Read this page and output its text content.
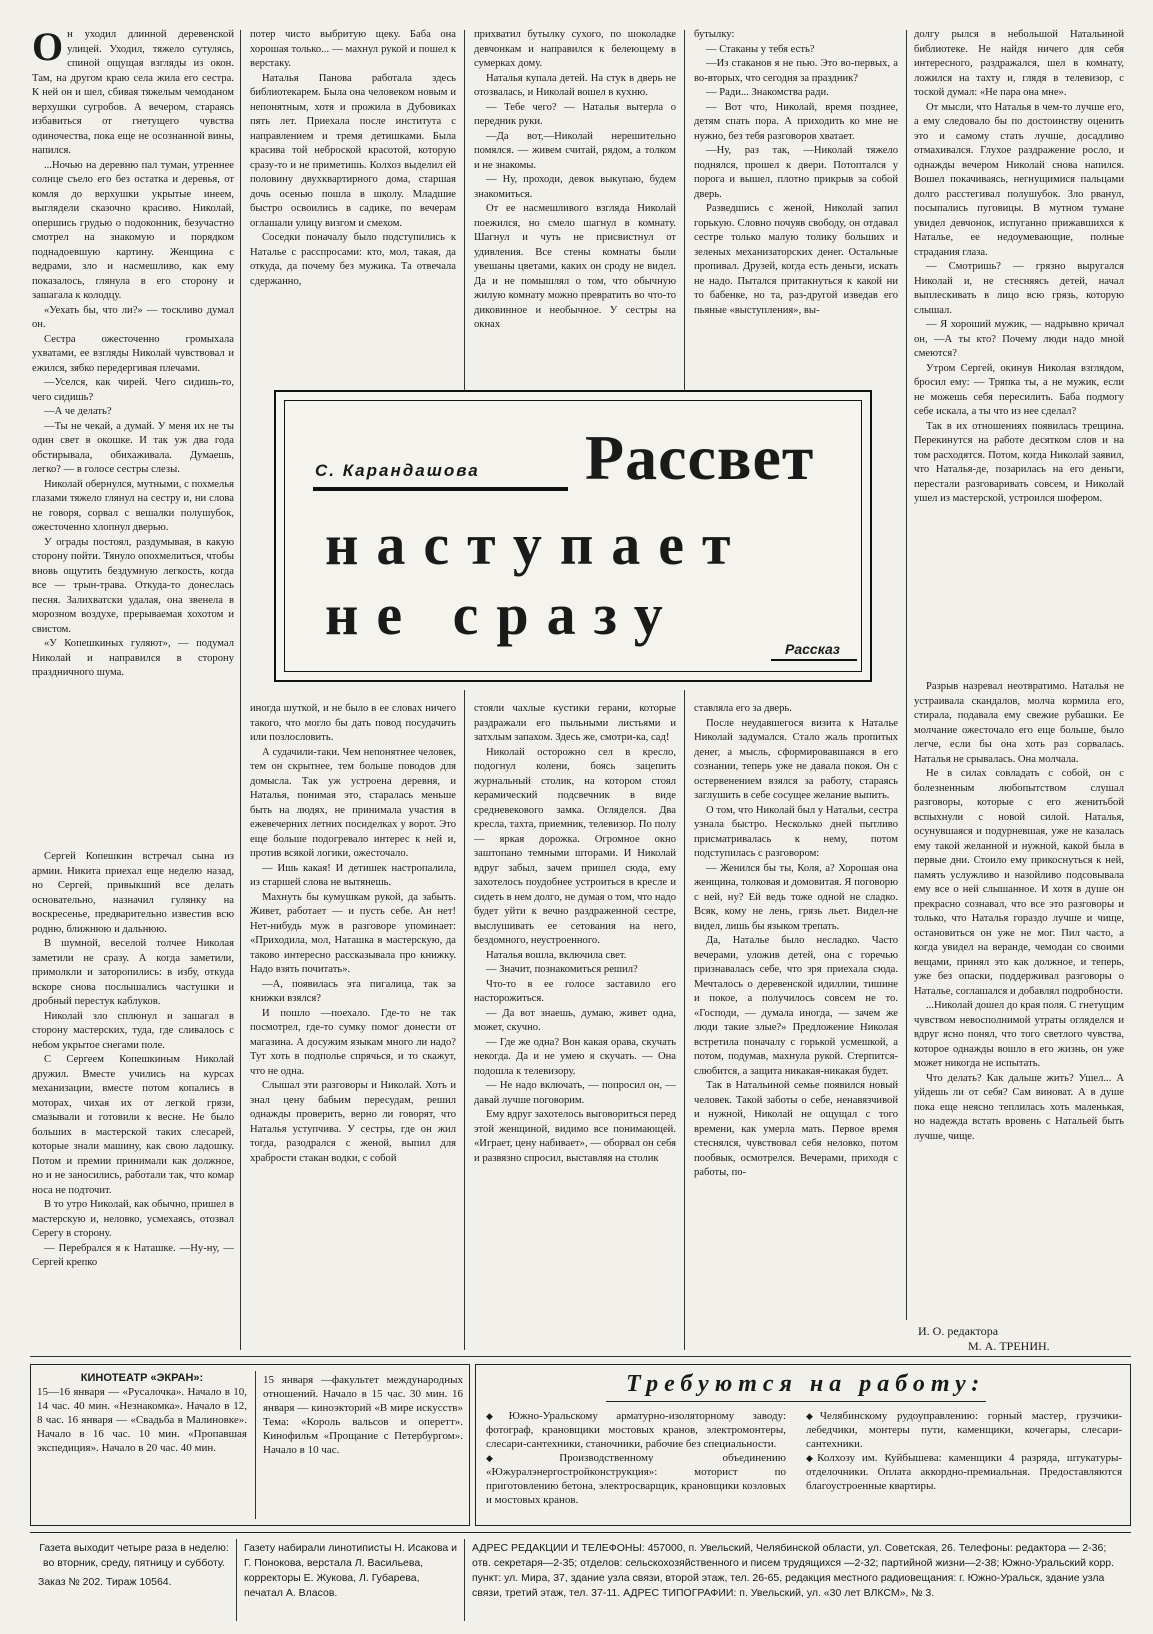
О н уходил длинной деревенской улицей. Уходил, тяжело сутулясь, спиной ощущая взгляды из окон. Там, на другом краю села жила его сестра. К ней он и шел, сбивая тяжелым чемоданом верхушки сугробов. А вечером, стараясь избавиться от гнетущего чувства одиночества, пока еще не осознанной вины, напился.

...Ночью на деревню пал туман, утреннее солнце съело его без остатка и деревья, от комля до верхушки укрытые инеем, выглядели сказочно красиво. Николай, опершись грудью о подоконник, безучастно смотрел на знакомую и порядком поднадоевшую картину. Женщина с ведрами, зло и насмешливо, как ему показалось, глянула в его сторону и зашагала к колодцу.

«Уехать бы, что ли?» — тоскливо думал он.

Сестра ожесточенно громыхала ухватами, ее взгляды Николай чувствовал и ежился, зябко передергивая плечами.

—Уселся, как чирей. Чего сидишь-то, чего сидишь?

—А че делать?

—Ты не чекай, а думай. У меня их не ты один свет в окошке. И так уж два года обстирывала, обихаживала. Думаешь, легко? — в голосе сестры слезы.

Николай обернулся, мутными, с похмелья глазами тяжело глянул на сестру и, ни слова не говоря, сорвал с вешалки полушубок, ожесточенно хлопнул дверью.

У ограды постоял, раздумывая, в какую сторону пойти. Тянуло опохмелиться, чтобы вновь ощутить бездумную легкость, когда все — трын-трава. Откуда-то донеслась песня. Залихватски удалая, она звенела в морозном воздухе, прерываемая хохотом и свистом.

«У Копешкиных гуляют», — подумал Николай и направился в сторону праздничного шума.

Сергей Копешкин встречал сына из армии. Никита приехал еще неделю назад, но Сергей, привыкший все делать основательно, назначил гулянку на воскресенье, предварительно известив всю родню, ближнюю и дальнюю.

В шумной, веселой толчее Николая заметили не сразу. А когда заметили, примолкли и заторопились: в избу, откуда вскоре снова послышались частушки и дробный перестук каблуков.

Николай зло сплюнул и зашагал в сторону мастерских, туда, где сливалось с небом укрытое снегами поле.

С Сергеем Копешкиным Николай дружил. Вместе учились на курсах механизации, вместе потом копались в моторах, чихая их от легкой грязи, смазывали и готовили к весне. Не было больших в мастерской таких слесарей, которые знали машину, как свою ладошку. Потом и премии принимали как должное, но и не заносились, работали так, что комар носа не подточит.

В то утро Николай, как обычно, пришел в мастерскую и, неловко, усмехаясь, отозвал Серегу в сторону.

— Перебрался я к Наташке. —Ну-ну, — Сергей крепко

потер чисто выбритую щеку. Баба она хорошая только... — махнул рукой и пошел к верстаку.

Наталья Панова работала здесь библиотекарем. Была она человеком новым и непонятным, хотя и прожила в Дубовиках пять лет. Приехала после института с направлением и тремя детишками. Была красива той неброской красотой, которую сразу-то и не приметишь. Колхоз выделил ей половину двухквартирного дома, старшая дочь осенью пошла в школу. Младшие быстро освоились в садике, по вечерам оглашали улицу визгом и смехом.

Соседки поначалу было подступились к Наталье с расспросами: кто, мол, такая, да откуда, да почему без мужика. Та отвечала сдержанно,

прихватил бутылку сухого, по шоколадке девчонкам и направился к белеющему в сумерках дому.

Наталья купала детей. На стук в дверь не отозвалась, и Николай вошел в кухню.

— Тебе чего? — Наталья вытерла о передник руки.

—Да вот,—Николай нерешительно помялся. — живем считай, рядом, а толком и не знакомы.

— Ну, проходи, девок выкупаю, будем знакомиться.

От ее насмешливого взгляда Николай поежился, но смело шагнул в комнату. Шагнул и чуть не присвистнул от удивления. Все стены комнаты были увешаны цветами, каких он сроду не видел. Да и не помышлял о том, что обычную жилую комнату можно превратить во что-то диковинное и необычное. У сестры на окнах

бутылку:

— Стаканы у тебя есть?

—Из стаканов я не пью. Это во-первых, а во-вторых, что сегодня за праздник?

— Ради... Знакомства ради.

— Вот что, Николай, время позднее, детям спать пора. А приходить ко мне не нужно, без тебя разговоров хватает.

—Ну, раз так, —Николай тяжело поднялся, прошел к двери. Потоптался у порога и вышел, плотно прикрыв за собой дверь.

Разведшись с женой, Николай запил горькую. Словно почуяв свободу, он отдавал сестре только малую толику больших и зеленых механизаторских денег. Остальные пропивал. Друзей, когда есть деньги, искать не надо. Пытался притакнуться к какой ни то бабенке, но та, раз-другой изведав его пьяные «выступления», вы-

долгу рылся в небольшой Натальиной библиотеке. Не найдя ничего для себя интересного, раздражался, шел в комнату, ложился на тахту и, глядя в телевизор, с тоской думал: «Не пара она мне».

От мысли, что Наталья в чем-то лучше его, а ему следовало бы по достоинству оценить это и самому стать лучше, досадливо отмахивался. Глухое раздражение росло, и однажды вечером Николай снова напился. Вошел покачиваясь, негнущимися пальцами долго расстегивал полушубок. Зло рванул, посыпались пуговицы. В мутном тумане увидел девчонок, испуганно прижавшихся к Наталье, ее недоумевающие, полные страдания глаза.

— Смотришь? — грязно выругался Николай и, не стесняясь детей, начал выплескивать в лицо всю грязь, которую слышал.

— Я хороший мужик, — надрывно кричал он, —А ты кто? Почему люди надо мной смеются?

Утром Сергей, окинув Николая взглядом, бросил ему: — Тряпка ты, а не мужик, если не можешь себя пересилить. Баба подмогу себе искала, а ты что из нее сделал?

Так в их отношениях появилась трещина. Перекинутся на работе десятком слов и на том расходятся. Потом, когда Николай заявил, что Наталья-де, позарилась на его деньги, перестали разговаривать совсем, и Николай ушел из мастерской, устроился шофером.

Разрыв назревал неотвратимо. Наталья не устраивала скандалов, молча кормила его, стирала, подавала ему свежие рубашки. Ее молчание ожесточало его еще больше, было легче, если бы она хоть раз сорвалась. Наталья не срывалась. Она молчала.

Не в силах совладать с собой, он с болезненным любопытством слушал разговоры, которые с его женитьбой вспыхнули с новой силой. Наталья, осунувшаяся и подурневшая, уже не казалась ему такой желанной и нужной, какой была в первые дни. Стоило ему прикоснуться к ней, память услужливо и назойливо подсовывала ему все о ней слышанное. И хотя в душе он прекрасно сознавал, что все это разговоры и только, что Наталья гораздо лучше и чище, остановиться он уже не мог. Пил часто, а когда увидел на веранде, чемодан со своими вещами, принял это как должное, и теперь, уже без опаски, поддерживал разговоры о Наталье, соглашался и добавлял подробности.

...Николай дошел до края поля. С гнетущим чувством невосполнимой утраты огляделся и вдруг ясно понял, что того светлого чувства, которое однажды вошло в его жизнь, он уже может никогда не испытать.

Что делать? Как дальше жить? Ушел... А уйдешь ли от себя? Сам виноват. А в душе пока еще неясно теплилась хоть маленькая, но надежда встать вровень с Натальей быть лучше, чище.

С. Карандашова Рассвет
наступает
не сразу
Рассказ

иногда шуткой, и не было в ее словах ничего такого, что могло бы дать повод посудачить или позлословить.

А судачили-таки. Чем непонятнее человек, тем он скрытнее, тем больше поводов для домысла. Так уж устроена деревня, и Наталья, понимая это, старалась меньше быть на людях, не принимала участия в ежевечерних летних посиделках у ворот. Это еще больше подогревало интерес к ней и, против всякой логики, ожесточало.

— Ишь какая! И детишек настропалила, из старшей слова не вытянешь.

Махнуть бы кумушкам рукой, да забыть. Живет, работает — и пусть себе. Ан нет! Нет-нибудь муж в разговоре упоминает: «Приходила, мол, Наташка в мастерскую, да таково интересно рассказывала про книжку. Надо взять почитать».

—А, появилась эта пигалица, так за книжки взялся?

И пошло —поехало. Где-то не так посмотрел, где-то сумку помог донести от магазина. А досужим языкам много ли надо? Тут хоть в подполье спрячься, и то скажут, что не одна.

Слышал эти разговоры и Николай. Хоть и знал цену бабьим пересудам, решил однажды проверить, верно ли говорят, что Наталья уступчива. У сестры, где он жил тогда, разодрался с женой, выпил для храбрости стакан водки, с собой

стояли чахлые кустики герани, которые раздражали его пыльными листьями и затхлым запахом. Здесь же, смотри-ка, сад!

Николай осторожно сел в кресло, подогнул колени, боясь зацепить журнальный столик, на котором стоял керамический подсвечник в виде средневекового замка. Огляделся. Два кресла, тахта, приемник, телевизор. По полу — яркая дорожка. Огромное окно заштопано темными шторами. И Николай вдруг забыл, зачем пришел сюда, ему захотелось поудобнее устроиться в кресле и сидеть в нем долго, не думая о том, что надо будет уйти к вечно раздраженной сестре, выслушивать ее сетования на него, бездомного, неустроенного.

Наталья вошла, включила свет.

— Значит, познакомиться решил?

Что-то в ее голосе заставило его насторожиться.

— Да вот знаешь, думаю, живет одна, может, скучно.

— Где же одна? Вон какая орава, скучать некогда. Да и не умею я скучать. — Она подошла к телевизору.

— Не надо включать, — попросил он, —давай лучше поговорим.

Ему вдруг захотелось выговориться перед этой женщиной, видимо все понимающей. «Играет, цену набивает», — оборвал он себя и развязно спросил, выставляя на столик

ставляла его за дверь.

После неудавшегося визита к Наталье Николай задумался. Стало жаль пропитых денег, а мысль, сформировавшаяся в его сознании, теперь уже не давала покоя. Он с остервенением взялся за работу, стараясь заглушить в себе сосущее желание выпить.

О том, что Николай был у Натальи, сестра узнала быстро. Несколько дней пытливо присматривалась к нему, потом подступилась с разговором:

— Женился бы ты, Коля, а? Хорошая она женщина, толковая и домовитая. Я поговорю с ней, ну? Ей ведь тоже одной не сладко. Всяк, кому не лень, грязь льет. Видел-не видел, лишь бы языком трепать.

Да, Наталье было несладко. Часто вечерами, уложив детей, она с горечью признавалась себе, что зря приехала сюда. Мечталось о деревенской идиллии, тишине и покое, а получилось совсем не то. «Господи, — думала иногда, — зачем же люди такие злые?» Предложение Николая встретила поначалу с горькой усмешкой, а потом, подумав, махнула рукой. Стерпится-слюбится, а защита никакая-никакая будет.

Так в Натальиной семье появился новый человек. Такой заботы о себе, ненавязчивой и нужной, Николай не ощущал с того времени, как умерла мать. Первое время стеснялся, чувствовал себя неловко, потом пообвык, осмотрелся. Вечерами, приходя с работы, по-

И. О. редактора
М. А. ТРЕНИН.
КИНОТЕАТР «ЭКРАН»:
15—16 января — «Русалочка». Начало в 10, 14 час. 40 мин. «Незнакомка». Начало в 12, 8 час. 16 января — «Свадьба в Малиновке». Начало в 16 час. 10 мин. «Пропавшая экспедиция». Начало в 20 час. 40 мин.
15 января —факультет международных отношений. Начало в 15 час. 30 мин. 16 января — киноэкторий «В мире искусств» Тема: «Король вальсов и оперетт». Кинофильм «Прощание с Петербургом». Начало в 10 час.
Требуются на работу:
◆Южно-Уральскому арматурно-изоляторному заводу: фотограф, крановщики мостовых кранов, электромонтеры, слесари-сантехники, станочники, рабочие без специальности.
◆Производственному объединению «Южуралэнергостройконструкция»: моторист по приготовлению бетона, электросварщик, крановщики козловых и мостовых кранов.
◆Челябинскому рудоуправлению: горный мастер, грузчики-лебедчики, монтеры пути, каменщики, кочегары, слесари-сантехники.
◆Колхозу им. Куйбышева: каменщики 4 разряда, штукатуры-отделочники. Оплата аккордно-премиальная. Предоставляются благоустроенные квартиры.
Газета выходит четыре раза в неделю: во вторник, среду, пятницу и субботу.
Заказ № 202. Тираж 10564.
Газету набирали линотиписты Н. Исакова и Г. Понокова, верстала Л. Васильева, корректоры Е. Жукова, Л. Губарева, печатал А. Власов.
АДРЕС РЕДАКЦИИ И ТЕЛЕФОНЫ: 457000, п. Увельский, Челябинской области, ул. Советская, 26. Телефоны: редактора — 2-36; отв. секретаря—2-35; отделов: сельскохозяйственного и писем трудящихся —2-32; партийной жизни—2-38; Южно-Уральский корр. пункт: ул. Мира, 37, здание узла связи, второй этаж, тел. 26-65, редакция местного радиовещания: г. Южно-Уральск, здание узла связи, третий этаж, тел. 37-11. АДРЕС ТИПОГРАФИИ: п. Увельский, ул. «30 лет ВЛКСМ», № 3.
